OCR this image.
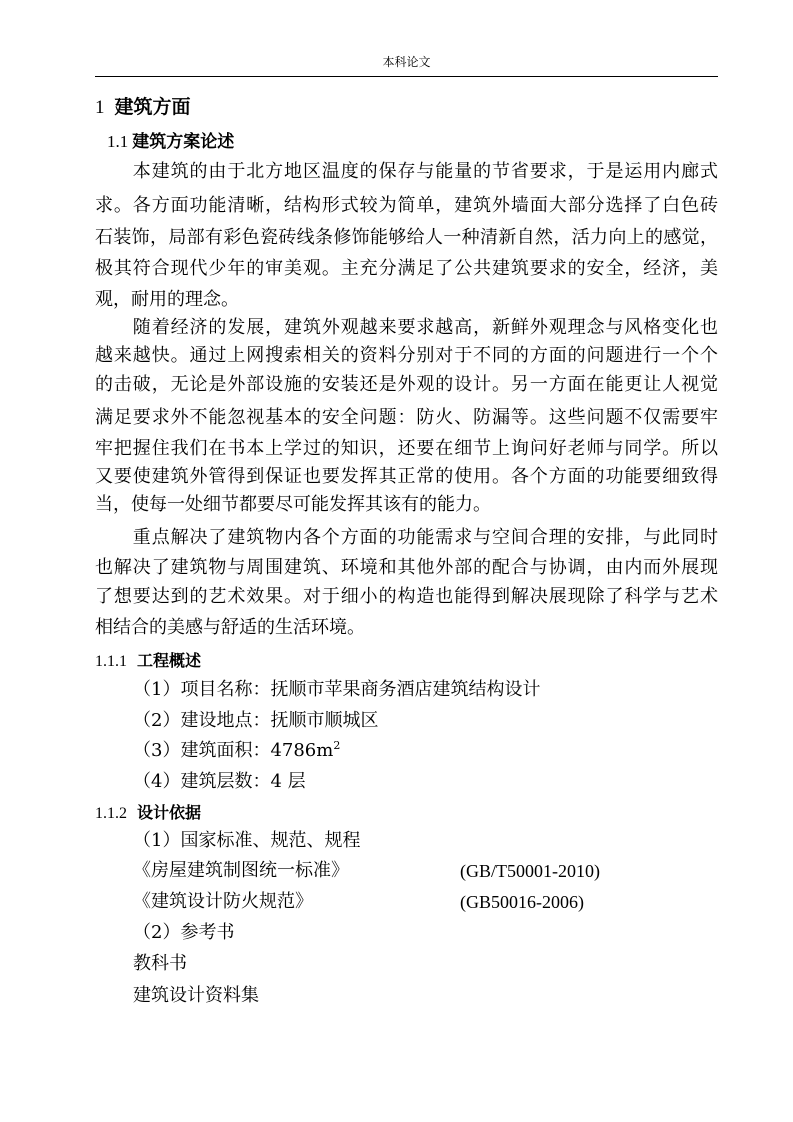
本科论文
1 建筑方面
1.1 建筑方案论述
　　本建筑的由于北方地区温度的保存与能量的节省要求，于是运用内廊式
求。各方面功能清晰，结构形式较为简单，建筑外墙面大部分选择了白色砖
石装饰，局部有彩色瓷砖线条修饰能够给人一种清新自然，活力向上的感觉，
极其符合现代少年的审美观。主充分满足了公共建筑要求的安全，经济，美
观，耐用的理念。
　　随着经济的发展，建筑外观越来要求越高，新鲜外观理念与风格变化也
越来越快。通过上网搜索相关的资料分别对于不同的方面的问题进行一个个
的击破，无论是外部设施的安装还是外观的设计。另一方面在能更让人视觉
满足要求外不能忽视基本的安全问题：防火、防漏等。这些问题不仅需要牢
牢把握住我们在书本上学过的知识，还要在细节上询问好老师与同学。所以
又要使建筑外管得到保证也要发挥其正常的使用。各个方面的功能要细致得
当，使每一处细节都要尽可能发挥其该有的能力。
　　重点解决了建筑物内各个方面的功能需求与空间合理的安排，与此同时
也解决了建筑物与周围建筑、环境和其他外部的配合与协调，由内而外展现
了想要达到的艺术效果。对于细小的构造也能得到解决展现除了科学与艺术
相结合的美感与舒适的生活环境。
1.1.1 工程概述
（1）项目名称：抚顺市苹果商务酒店建筑结构设计
（2）建设地点：抚顺市顺城区
（3）建筑面积：$4786m^2$
（4）建筑层数：4 层
1.1.2 设计依据
（1）国家标准、规范、规程
《房屋建筑制图统一标准》	(GB/T50001-2010)
《建筑设计防火规范》	(GB50016-2006)
（2）参考书
教科书
建筑设计资料集
